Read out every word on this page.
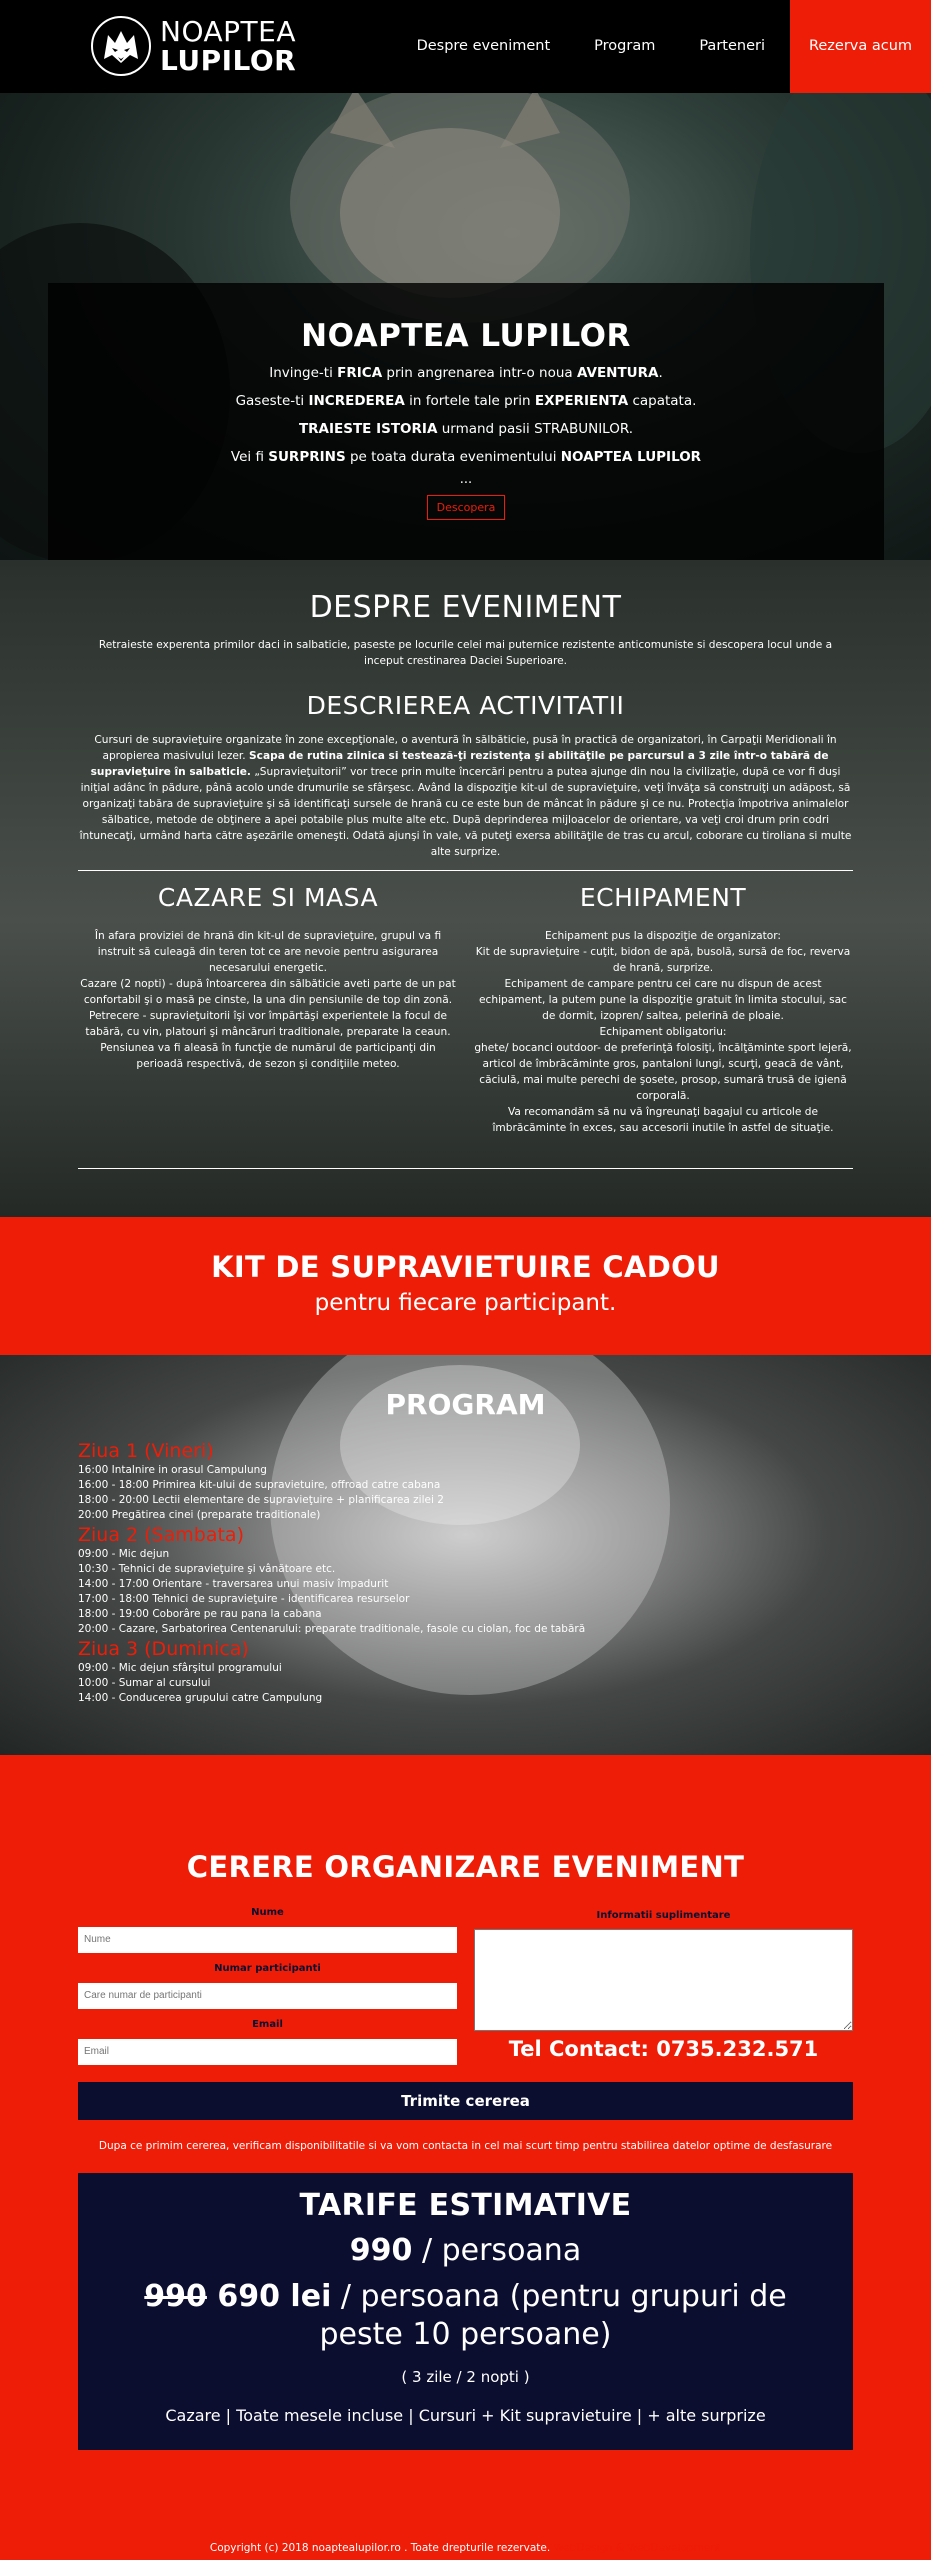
NOAPTEA
LUPILOR	Despre eveniment	Program	Parteneri	Rezerva acum
NOAPTEA LUPILOR
Invinge-ti FRICA prin angrenarea intr-o noua AVENTURA.
Gaseste-ti INCREDEREA in fortele tale prin EXPERIENTA capatata.
TRAIESTE ISTORIA urmand pasii STRABUNILOR.
Vei fi SURPRINS pe toata durata evenimentului NOAPTEA LUPILOR
...
Descopera
DESPRE EVENIMENT

Retraieste experenta primilor daci in salbaticie, paseste pe locurile celei mai puternice rezistente anticomuniste si descopera locul unde a inceput crestinarea Daciei Superioare.

DESCRIEREA ACTIVITATII

Cursuri de supravieţuire organizate în zone excepţionale, o aventură în sălbăticie, pusă în practică de organizatori, în Carpaţii Meridionali în apropierea masivului Iezer. Scapa de rutina zilnica si testează-ţi rezistenţa şi abilităţile pe parcursul a 3 zile într-o tabără de supravieţuire în salbaticie. „Supravieţuitorii” vor trece prin multe încercări pentru a putea ajunge din nou la civilizaţie, după ce vor fi duşi iniţial adânc în pădure, până acolo unde drumurile se sfârşesc. Având la dispoziţie kit-ul de supravieţuire, veţi învăţa să construiţi un adăpost, să organizaţi tabăra de supravieţuire şi să identificaţi sursele de hrană cu ce este bun de mâncat în pădure şi ce nu. Protecţia împotriva animalelor sălbatice, metode de obţinere a apei potabile plus multe alte etc. După deprinderea mijloacelor de orientare, va veţi croi drum prin codri întunecaţi, urmând harta către aşezările omeneşti. Odată ajunşi în vale, vă puteţi exersa abilităţile de tras cu arcul, coborare cu tiroliana si multe alte surprize.

CAZARE SI MASA
În afara proviziei de hrană din kit-ul de supravieţuire, grupul va fi instruit să culeagă din teren tot ce are nevoie pentru asigurarea necesarului energetic.
Cazare (2 nopti) - după întoarcerea din sălbăticie aveti parte de un pat confortabil şi o masă pe cinste, la una din pensiunile de top din zonă.
Petrecere - supravieţuitorii îşi vor împărtăşi experientele la focul de tabără, cu vin, platouri şi mâncăruri traditionale, preparate la ceaun.
Pensiunea va fi aleasă în funcţie de numărul de participanţi din perioadă respectivă, de sezon şi condiţiile meteo.
ECHIPAMENT
Echipament pus la dispoziţie de organizator:
Kit de supravieţuire - cuţit, bidon de apă, busolă, sursă de foc, reverva de hrană, surprize.
Echipament de campare pentru cei care nu dispun de acest echipament, la putem pune la dispoziţie gratuit în limita stocului, sac de dormit, izopren/ saltea, pelerină de ploaie.
Echipament obligatoriu:
ghete/ bocanci outdoor- de preferinţă folosiţi, încălţăminte sport lejeră, articol de îmbrăcăminte gros, pantaloni lungi, scurţi, geacă de vânt, căciulă, mai multe perechi de şosete, prosop, sumară trusă de igienă corporală.
Va recomandăm să nu vă îngreunaţi bagajul cu articole de îmbrăcăminte în exces, sau accesorii inutile în astfel de situaţie.
KIT DE SUPRAVIETUIRE CADOU
pentru fiecare participant.
PROGRAM
Ziua 1 (Vineri)
16:00 Intalnire in orasul Campulung
16:00 - 18:00 Primirea kit-ului de supravietuire, offroad catre cabana
18:00 - 20:00 Lectii elementare de supravieţuire + planificarea zilei 2
20:00 Pregătirea cinei (preparate traditionale)
Ziua 2 (Sambata)
09:00 - Mic dejun
10:30 - Tehnici de supravieţuire şi vânătoare etc.
14:00 - 17:00 Orientare - traversarea unui masiv împadurit
17:00 - 18:00 Tehnici de supravieţuire - identificarea resurselor
18:00 - 19:00 Coborâre pe rau pana la cabana
20:00 - Cazare, Sarbatorirea Centenarului: preparate traditionale, fasole cu ciolan, foc de tabără
Ziua 3 (Duminica)
09:00 - Mic dejun sfârşitul programului
10:00 - Sumar al cursului
14:00 - Conducerea grupului catre Campulung
CERERE ORGANIZARE EVENIMENT
Nume
Nume
Numar participanti
Care numar de participanti
Email
Email
Informatii suplimentare
Tel Contact: 0735.232.571
Trimite cererea
Dupa ce primim cererea, verificam disponibilitatile si va vom contacta in cel mai scurt timp pentru stabilirea datelor optime de desfasurare
TARIFE ESTIMATIVE
990 / persoana
990 690 lei / persoana (pentru grupuri de peste 10 persoane)
( 3 zile / 2 nopti )
Cazare | Toate mesele incluse | Cursuri + Kit supravietuire | + alte surprize
Copyright (c) 2018 noaptealupilor.ro . Toate drepturile rezervate. WebDesign & WebDevelopment
